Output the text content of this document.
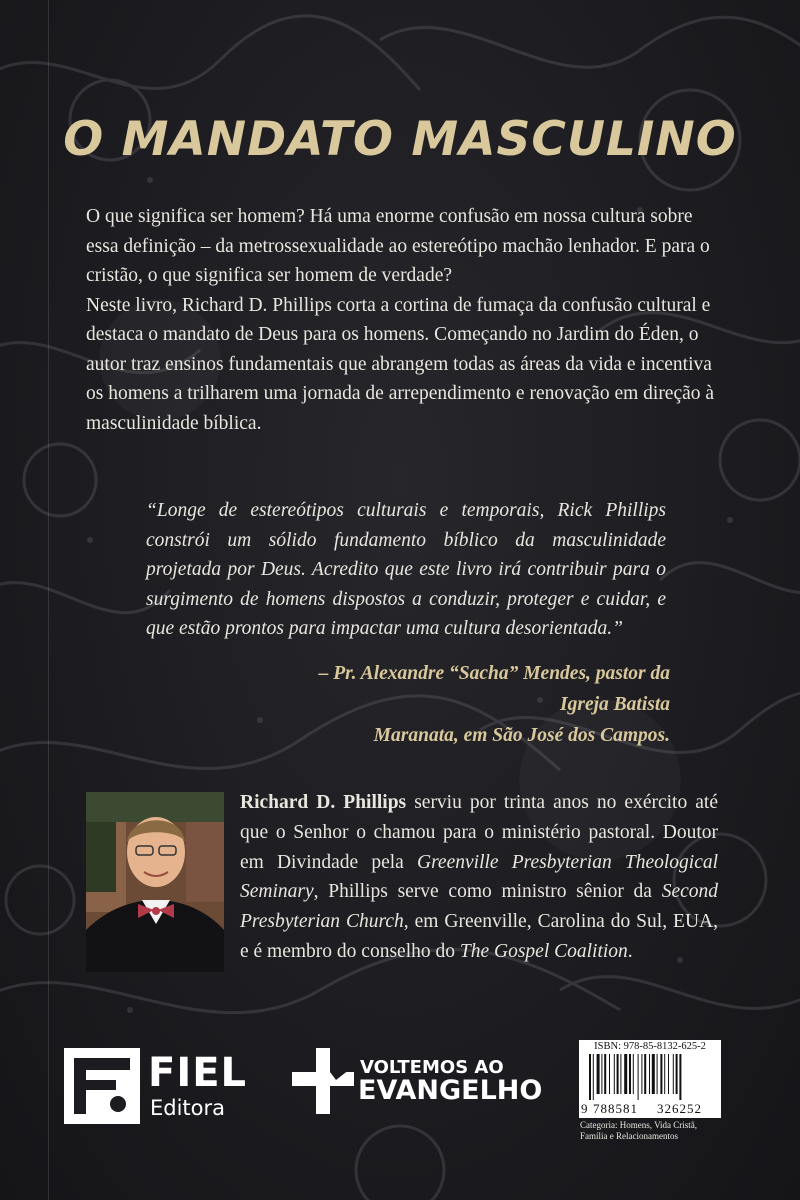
O MANDATO MASCULINO

O que significa ser homem? Há uma enorme confusão em nossa cultura sobre essa definição – da metrossexualidade ao estereótipo machão lenhador. E para o cristão, o que significa ser homem de verdade?

Neste livro, Richard D. Phillips corta a cortina de fumaça da confusão cultural e destaca o mandato de Deus para os homens. Começando no Jardim do Éden, o autor traz ensinos fundamentais que abrangem todas as áreas da vida e incentiva os homens a trilharem uma jornada de arrependimento e renovação em direção à masculinidade bíblica.

“Longe de estereótipos culturais e temporais, Rick Phillips constrói um sólido fundamento bíblico da masculinidade projetada por Deus. Acredito que este livro irá contribuir para o surgimento de homens dispostos a conduzir, proteger e cuidar, e que estão prontos para impactar uma cultura desorientada.”

– Pr. Alexandre “Sacha” Mendes, pastor da Igreja Batista

Maranata, em São José dos Campos.

Richard D. Phillips serviu por trinta anos no exército até que o Senhor o chamou para o ministério pastoral. Doutor em Divindade pela Greenville Presbyterian Theological Seminary, Phillips serve como ministro sênior da Second Presbyterian Church, em Greenville, Carolina do Sul, EUA, e é membro do conselho do The Gospel Coalition.

FIEL

Editora

VOLTEMOS AO

EVANGELHO

ISBN: 978-85-8132-625-2
9 788581 326252

Categoria: Homens, Vida Cristã, Família e Relacionamentos
